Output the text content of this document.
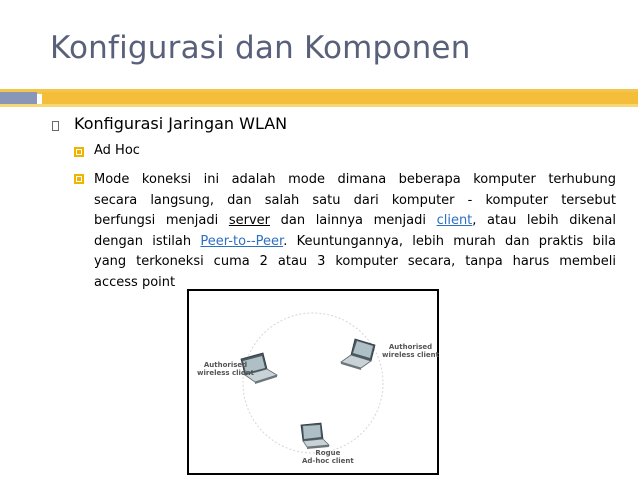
Konfigurasi dan Komponen
Konfigurasi Jaringan WLAN
Ad Hoc
Mode koneksi ini adalah mode dimana beberapa komputer terhubung
secara langsung, dan salah satu dari komputer - komputer tersebut
berfungsi menjadi server dan lainnya menjadi client, atau lebih dikenal
dengan istilah Peer-to--Peer. Keuntungannya, lebih murah dan praktis bila
yang terkoneksi cuma 2 atau 3 komputer secara, tanpa harus membeli
access point
Authorised
wireless client
Authorised
wireless client
Rogue
Ad-hoc client
